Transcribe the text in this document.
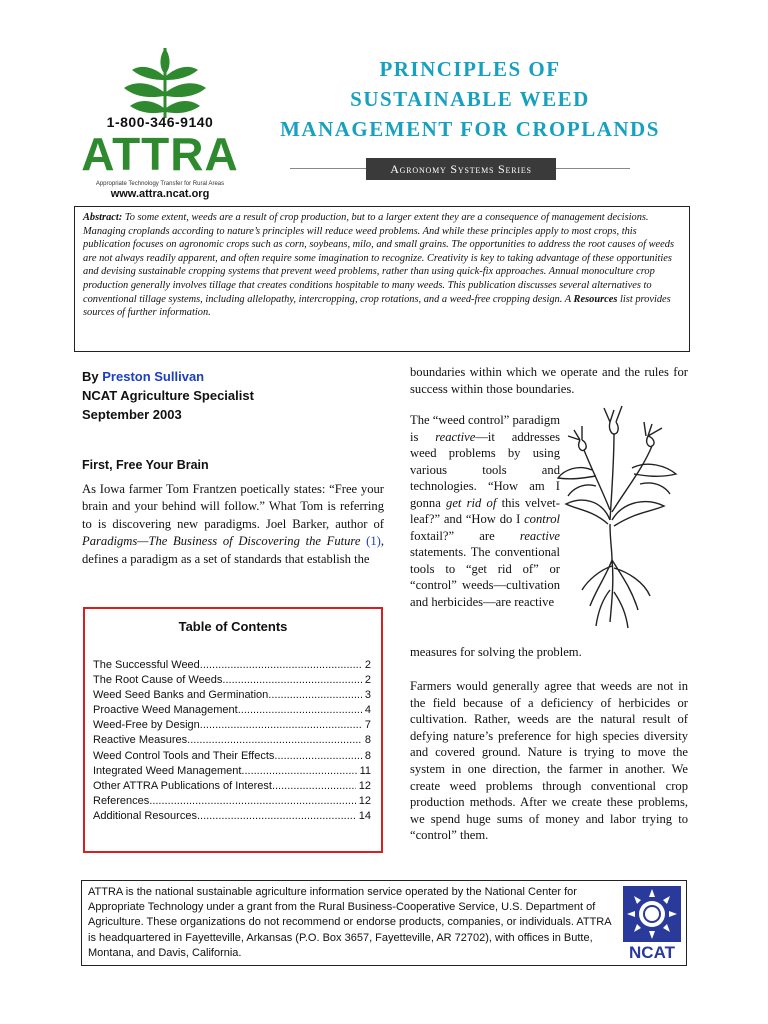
1-800-346-9140
ATTRA
Appropriate Technology Transfer for Rural Areas
www.attra.ncat.org
PRINCIPLES OF
SUSTAINABLE WEED
MANAGEMENT FOR CROPLANDS
Agronomy Systems Series
Abstract: To some extent, weeds are a result of crop production, but to a larger extent they are a consequence of management decisions. Managing croplands according to nature’s principles will reduce weed problems. And while these principles apply to most crops, this publication focuses on agronomic crops such as corn, soybeans, milo, and small grains. The opportunities to address the root causes of weeds are not always readily apparent, and often require some imagination to recognize. Creativity is key to taking advantage of these opportunities and devising sustainable cropping systems that prevent weed problems, rather than using quick-fix approaches. Annual monoculture crop production generally involves tillage that creates conditions hospitable to many weeds. This publication discusses several alternatives to conventional tillage systems, including allelopathy, intercropping, crop rotations, and a weed-free cropping design. A Resources list provides sources of further information.
By Preston Sullivan
NCAT Agriculture Specialist
September 2003
First, Free Your Brain
As Iowa farmer Tom Frantzen poetically states: “Free your brain and your behind will follow.” What Tom is referring to is discovering new paradigms. Joel Barker, author of Paradigms—The Business of Discovering the Future (1), defines a paradigm as a set of standards that establish the
Table of Contents
The Successful Weed .....	2
The Root Cause of Weeds .....	2
Weed Seed Banks and Germination .....	3
Proactive Weed Management .....	4
Weed-Free by Design .....	7
Reactive Measures .....	8
Weed Control Tools and Their Effects .....	8
Integrated Weed Management .....	11
Other ATTRA Publications of Interest .....	12
References .....	12
Additional Resources .....	14
boundaries within which we operate and the rules for success within those boundaries.
The “weed control” paradigm is reactive—it addresses weed problems by using various tools and technologies. “How am I gonna get rid of this velvet-leaf?” and “How do I control foxtail?” are reactive statements. The conventional tools to “get rid of” or “control” weeds—cultivation and herbicides—are reactive
measures for solving the problem.
Farmers would generally agree that weeds are not in the field because of a deficiency of herbicides or cultivation. Rather, weeds are the natural result of defying nature’s preference for high species diversity and covered ground. Nature is trying to move the system in one direction, the farmer in another. We create weed problems through conventional crop production methods. After we create these problems, we spend huge sums of money and labor trying to “control” them.
ATTRA is the national sustainable agriculture information service operated by the National Center for Appropriate Technology under a grant from the Rural Business-Cooperative Service, U.S. Department of Agriculture. These organizations do not recommend or endorse products, companies, or individuals. ATTRA is headquartered in Fayetteville, Arkansas (P.O. Box 3657, Fayetteville, AR 72702), with offices in Butte, Montana, and Davis, California.	NCAT
